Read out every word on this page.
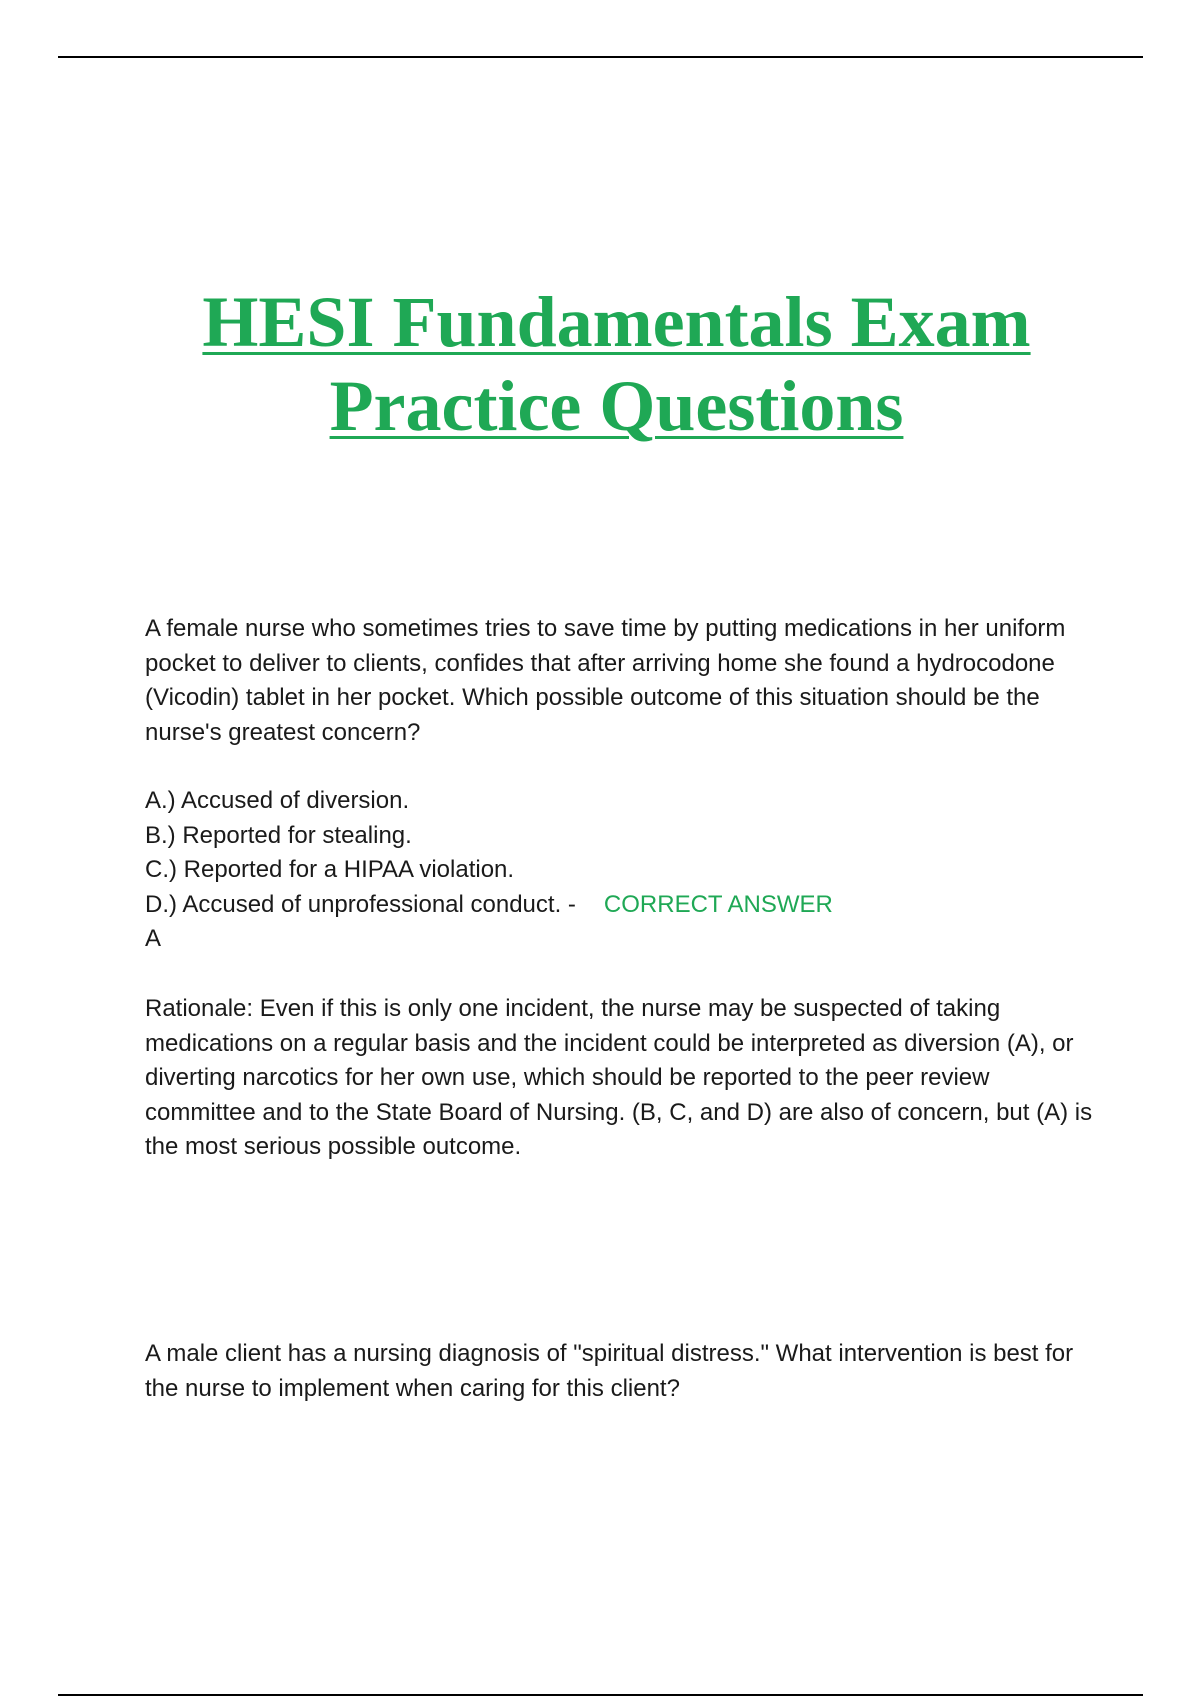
HESI Fundamentals Exam
Practice Questions

A female nurse who sometimes tries to save time by putting medications in her uniform pocket to deliver to clients, confides that after arriving home she found a hydrocodone (Vicodin) tablet in her pocket. Which possible outcome of this situation should be the nurse's greatest concern?

A.) Accused of diversion.
B.) Reported for stealing.
C.) Reported for a HIPAA violation.
D.) Accused of unprofessional conduct. - CORRECT ANSWER
A

Rationale: Even if this is only one incident, the nurse may be suspected of taking medications on a regular basis and the incident could be interpreted as diversion (A), or diverting narcotics for her own use, which should be reported to the peer review committee and to the State Board of Nursing. (B, C, and D) are also of concern, but (A) is the most serious possible outcome.

A male client has a nursing diagnosis of "spiritual distress." What intervention is best for the nurse to implement when caring for this client?
